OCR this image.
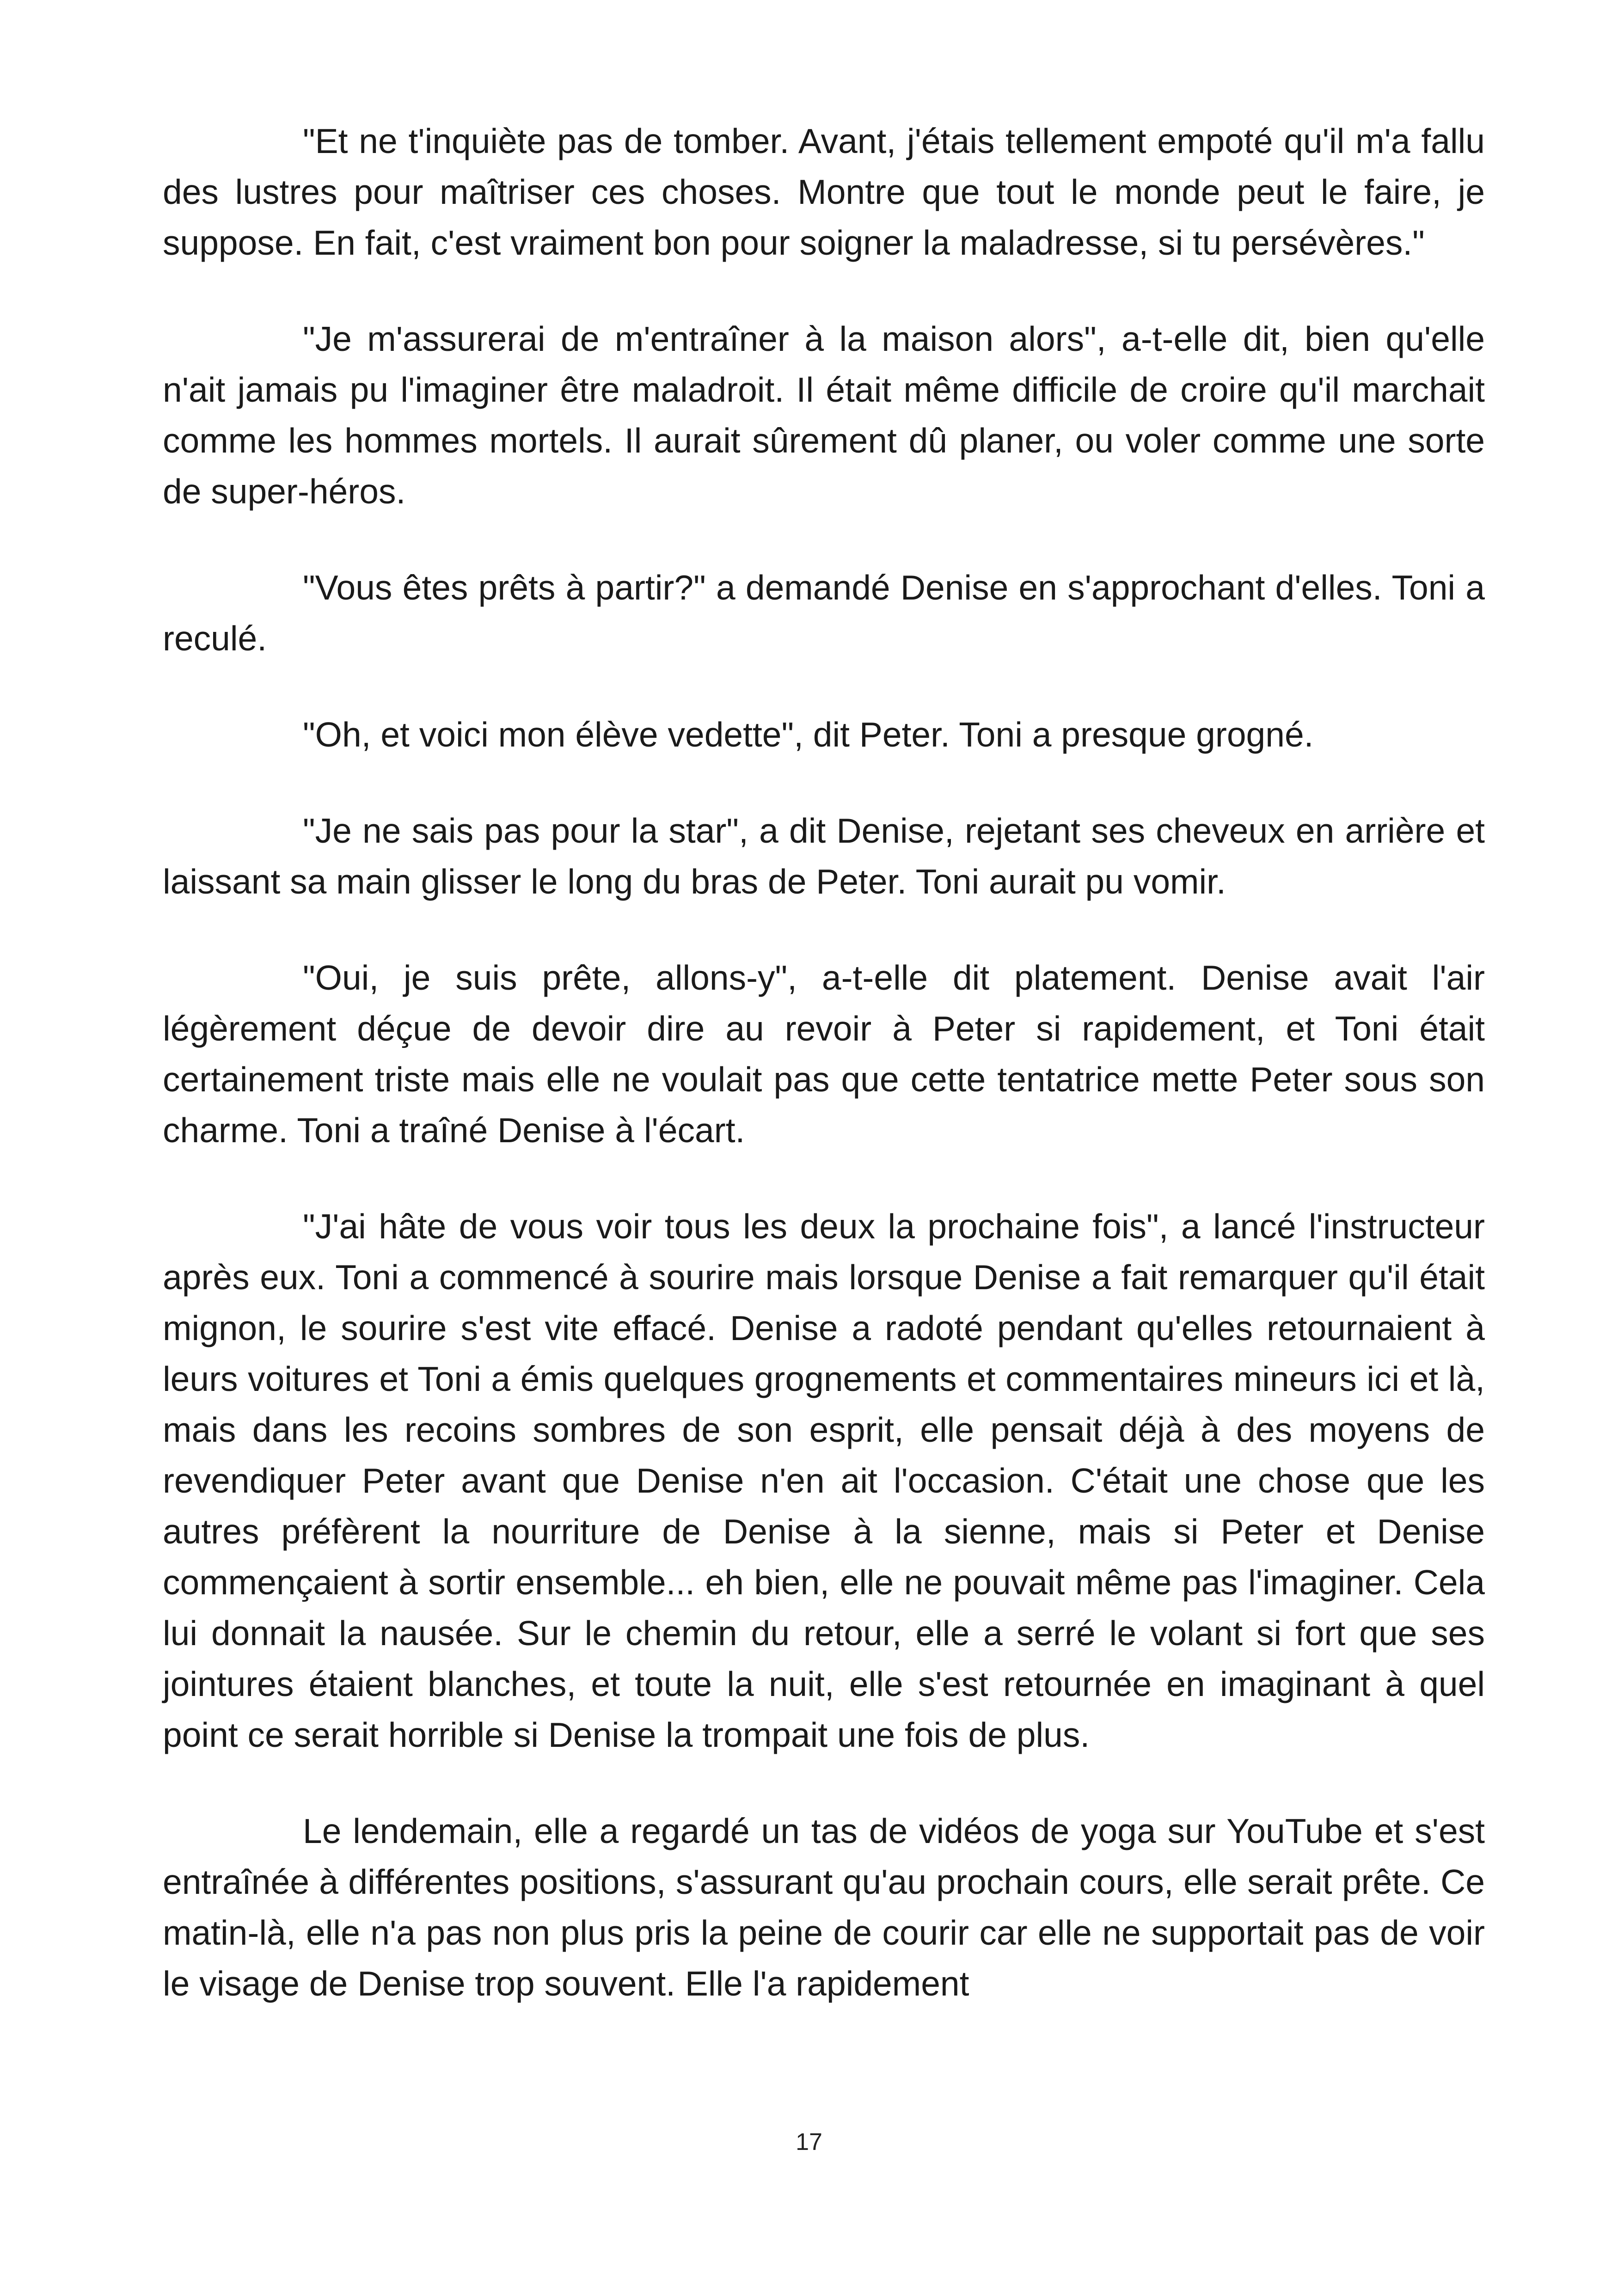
"Et ne t'inquiète pas de tomber. Avant, j'étais tellement empoté qu'il m'a fallu des lustres pour maîtriser ces choses. Montre que tout le monde peut le faire, je suppose. En fait, c'est vraiment bon pour soigner la maladresse, si tu persévères."

"Je m'assurerai de m'entraîner à la maison alors", a-t-elle dit, bien qu'elle n'ait jamais pu l'imaginer être maladroit. Il était même difficile de croire qu'il marchait comme les hommes mortels. Il aurait sûrement dû planer, ou voler comme une sorte de super-héros.

"Vous êtes prêts à partir?" a demandé Denise en s'approchant d'elles. Toni a reculé.

"Oh, et voici mon élève vedette", dit Peter. Toni a presque grogné.

"Je ne sais pas pour la star", a dit Denise, rejetant ses cheveux en arrière et laissant sa main glisser le long du bras de Peter. Toni aurait pu vomir.

"Oui, je suis prête, allons-y", a-t-elle dit platement. Denise avait l'air légèrement déçue de devoir dire au revoir à Peter si rapidement, et Toni était certainement triste mais elle ne voulait pas que cette tentatrice mette Peter sous son charme. Toni a traîné Denise à l'écart.

"J'ai hâte de vous voir tous les deux la prochaine fois", a lancé l'instructeur après eux. Toni a commencé à sourire mais lorsque Denise a fait remarquer qu'il était mignon, le sourire s'est vite effacé. Denise a radoté pendant qu'elles retournaient à leurs voitures et Toni a émis quelques grognements et commentaires mineurs ici et là, mais dans les recoins sombres de son esprit, elle pensait déjà à des moyens de revendiquer Peter avant que Denise n'en ait l'occasion. C'était une chose que les autres préfèrent la nourriture de Denise à la sienne, mais si Peter et Denise commençaient à sortir ensemble... eh bien, elle ne pouvait même pas l'imaginer. Cela lui donnait la nausée. Sur le chemin du retour, elle a serré le volant si fort que ses jointures étaient blanches, et toute la nuit, elle s'est retournée en imaginant à quel point ce serait horrible si Denise la trompait une fois de plus.

Le lendemain, elle a regardé un tas de vidéos de yoga sur YouTube et s'est entraînée à différentes positions, s'assurant qu'au prochain cours, elle serait prête. Ce matin-là, elle n'a pas non plus pris la peine de courir car elle ne supportait pas de voir le visage de Denise trop souvent. Elle l'a rapidement

17
